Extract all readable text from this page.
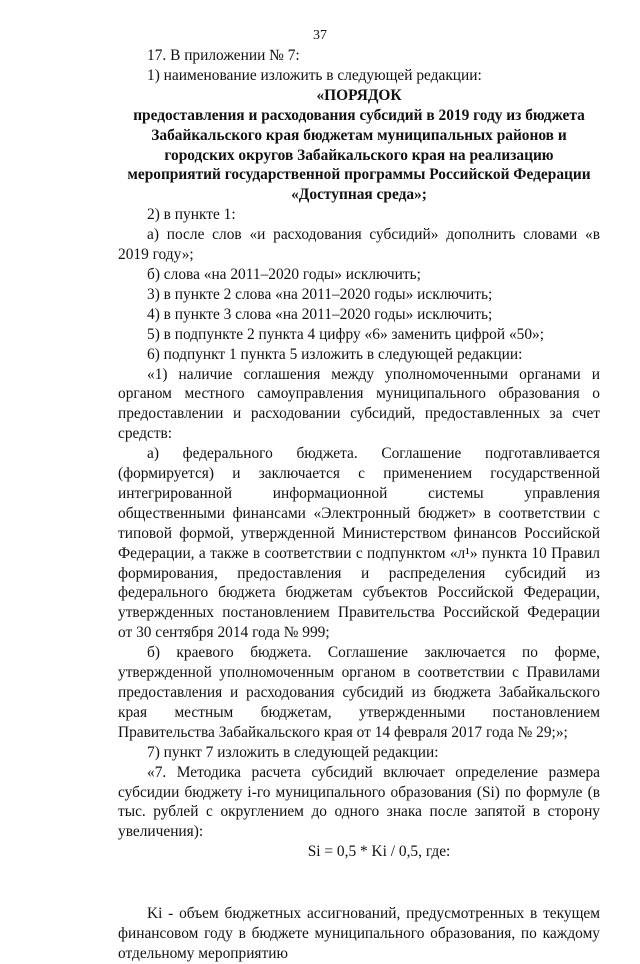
37

17. В приложении № 7:

1) наименование изложить в следующей редакции:

«ПОРЯДОК

предоставления и расходования субсидий в 2019 году из бюджета Забайкальского края бюджетам муниципальных районов и городских округов Забайкальского края на реализацию мероприятий государственной программы Российской Федерации «Доступная среда»;

2) в пункте 1:

а) после слов «и расходования субсидий» дополнить словами «в 2019 году»;

б) слова «на 2011–2020 годы» исключить;

3) в пункте 2 слова «на 2011–2020 годы» исключить;

4) в пункте 3 слова «на 2011–2020 годы» исключить;

5) в подпункте 2 пункта 4 цифру «6» заменить цифрой «50»;

6) подпункт 1 пункта 5 изложить в следующей редакции:

«1) наличие соглашения между уполномоченными органами и органом местного самоуправления муниципального образования о предоставлении и расходовании субсидий, предоставленных за счет средств:

а) федерального бюджета. Соглашение подготавливается (формируется) и заключается с применением государственной интегрированной информационной системы управления общественными финансами «Электронный бюджет» в соответствии с типовой формой, утвержденной Министерством финансов Российской Федерации, а также в соответствии с подпунктом «л¹» пункта 10 Правил формирования, предоставления и распределения субсидий из федерального бюджета бюджетам субъектов Российской Федерации, утвержденных постановлением Правительства Российской Федерации от 30 сентября 2014 года № 999;

б) краевого бюджета. Соглашение заключается по форме, утвержденной уполномоченным органом в соответствии с Правилами предоставления и расходования субсидий из бюджета Забайкальского края местным бюджетам, утвержденными постановлением Правительства Забайкальского края от 14 февраля 2017 года № 29;»;

7) пункт 7 изложить в следующей редакции:

«7. Методика расчета субсидий включает определение размера субсидии бюджету i-го муниципального образования (Si) по формуле (в тыс. рублей с округлением до одного знака после запятой в сторону увеличения):

Si = 0,5 * Ki / 0,5, где:

Ki - объем бюджетных ассигнований, предусмотренных в текущем финансовом году в бюджете муниципального образования, по каждому отдельному мероприятию
